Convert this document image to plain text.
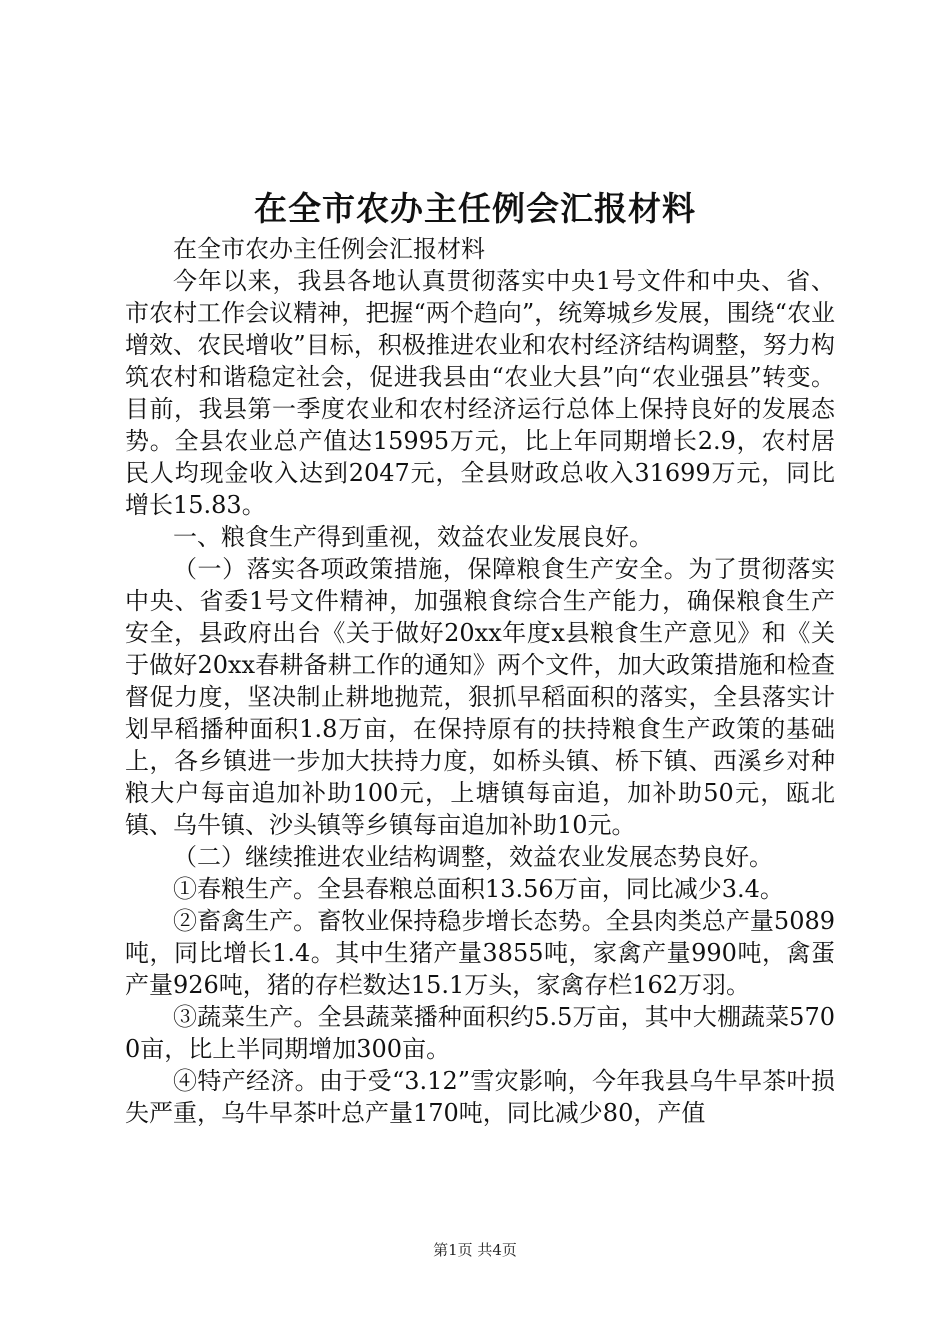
在全市农办主任例会汇报材料

在全市农办主任例会汇报材料

今年以来，我县各地认真贯彻落实中央1号文件和中央、省、市农村工作会议精神，把握“两个趋向”，统筹城乡发展，围绕“农业增效、农民增收”目标，积极推进农业和农村经济结构调整，努力构筑农村和谐稳定社会，促进我县由“农业大县”向“农业强县”转变。目前，我县第一季度农业和农村经济运行总体上保持良好的发展态势。全县农业总产值达15995万元，比上年同期增长2.9，农村居民人均现金收入达到2047元，全县财政总收入31699万元，同比增长15.83。

一、粮食生产得到重视，效益农业发展良好。

（一）落实各项政策措施，保障粮食生产安全。为了贯彻落实中央、省委1号文件精神，加强粮食综合生产能力，确保粮食生产安全，县政府出台《关于做好20xx年度x县粮食生产意见》和《关于做好20xx春耕备耕工作的通知》两个文件，加大政策措施和检查督促力度，坚决制止耕地抛荒，狠抓早稻面积的落实，全县落实计划早稻播种面积1.8万亩，在保持原有的扶持粮食生产政策的基础上，各乡镇进一步加大扶持力度，如桥头镇、桥下镇、西溪乡对种粮大户每亩追加补助100元，上塘镇每亩追，加补助50元，瓯北镇、乌牛镇、沙头镇等乡镇每亩追加补助10元。

（二）继续推进农业结构调整，效益农业发展态势良好。

①春粮生产。全县春粮总面积13.56万亩，同比减少3.4。

②畜禽生产。畜牧业保持稳步增长态势。全县肉类总产量5089吨，同比增长1.4。其中生猪产量3855吨，家禽产量990吨，禽蛋产量926吨，猪的存栏数达15.1万头，家禽存栏162万羽。

③蔬菜生产。全县蔬菜播种面积约5.5万亩，其中大棚蔬菜5700亩，比上半同期增加300亩。

④特产经济。由于受“3.12”雪灾影响，今年我县乌牛早茶叶损失严重，乌牛早茶叶总产量170吨，同比减少80，产值

第1页 共4页
